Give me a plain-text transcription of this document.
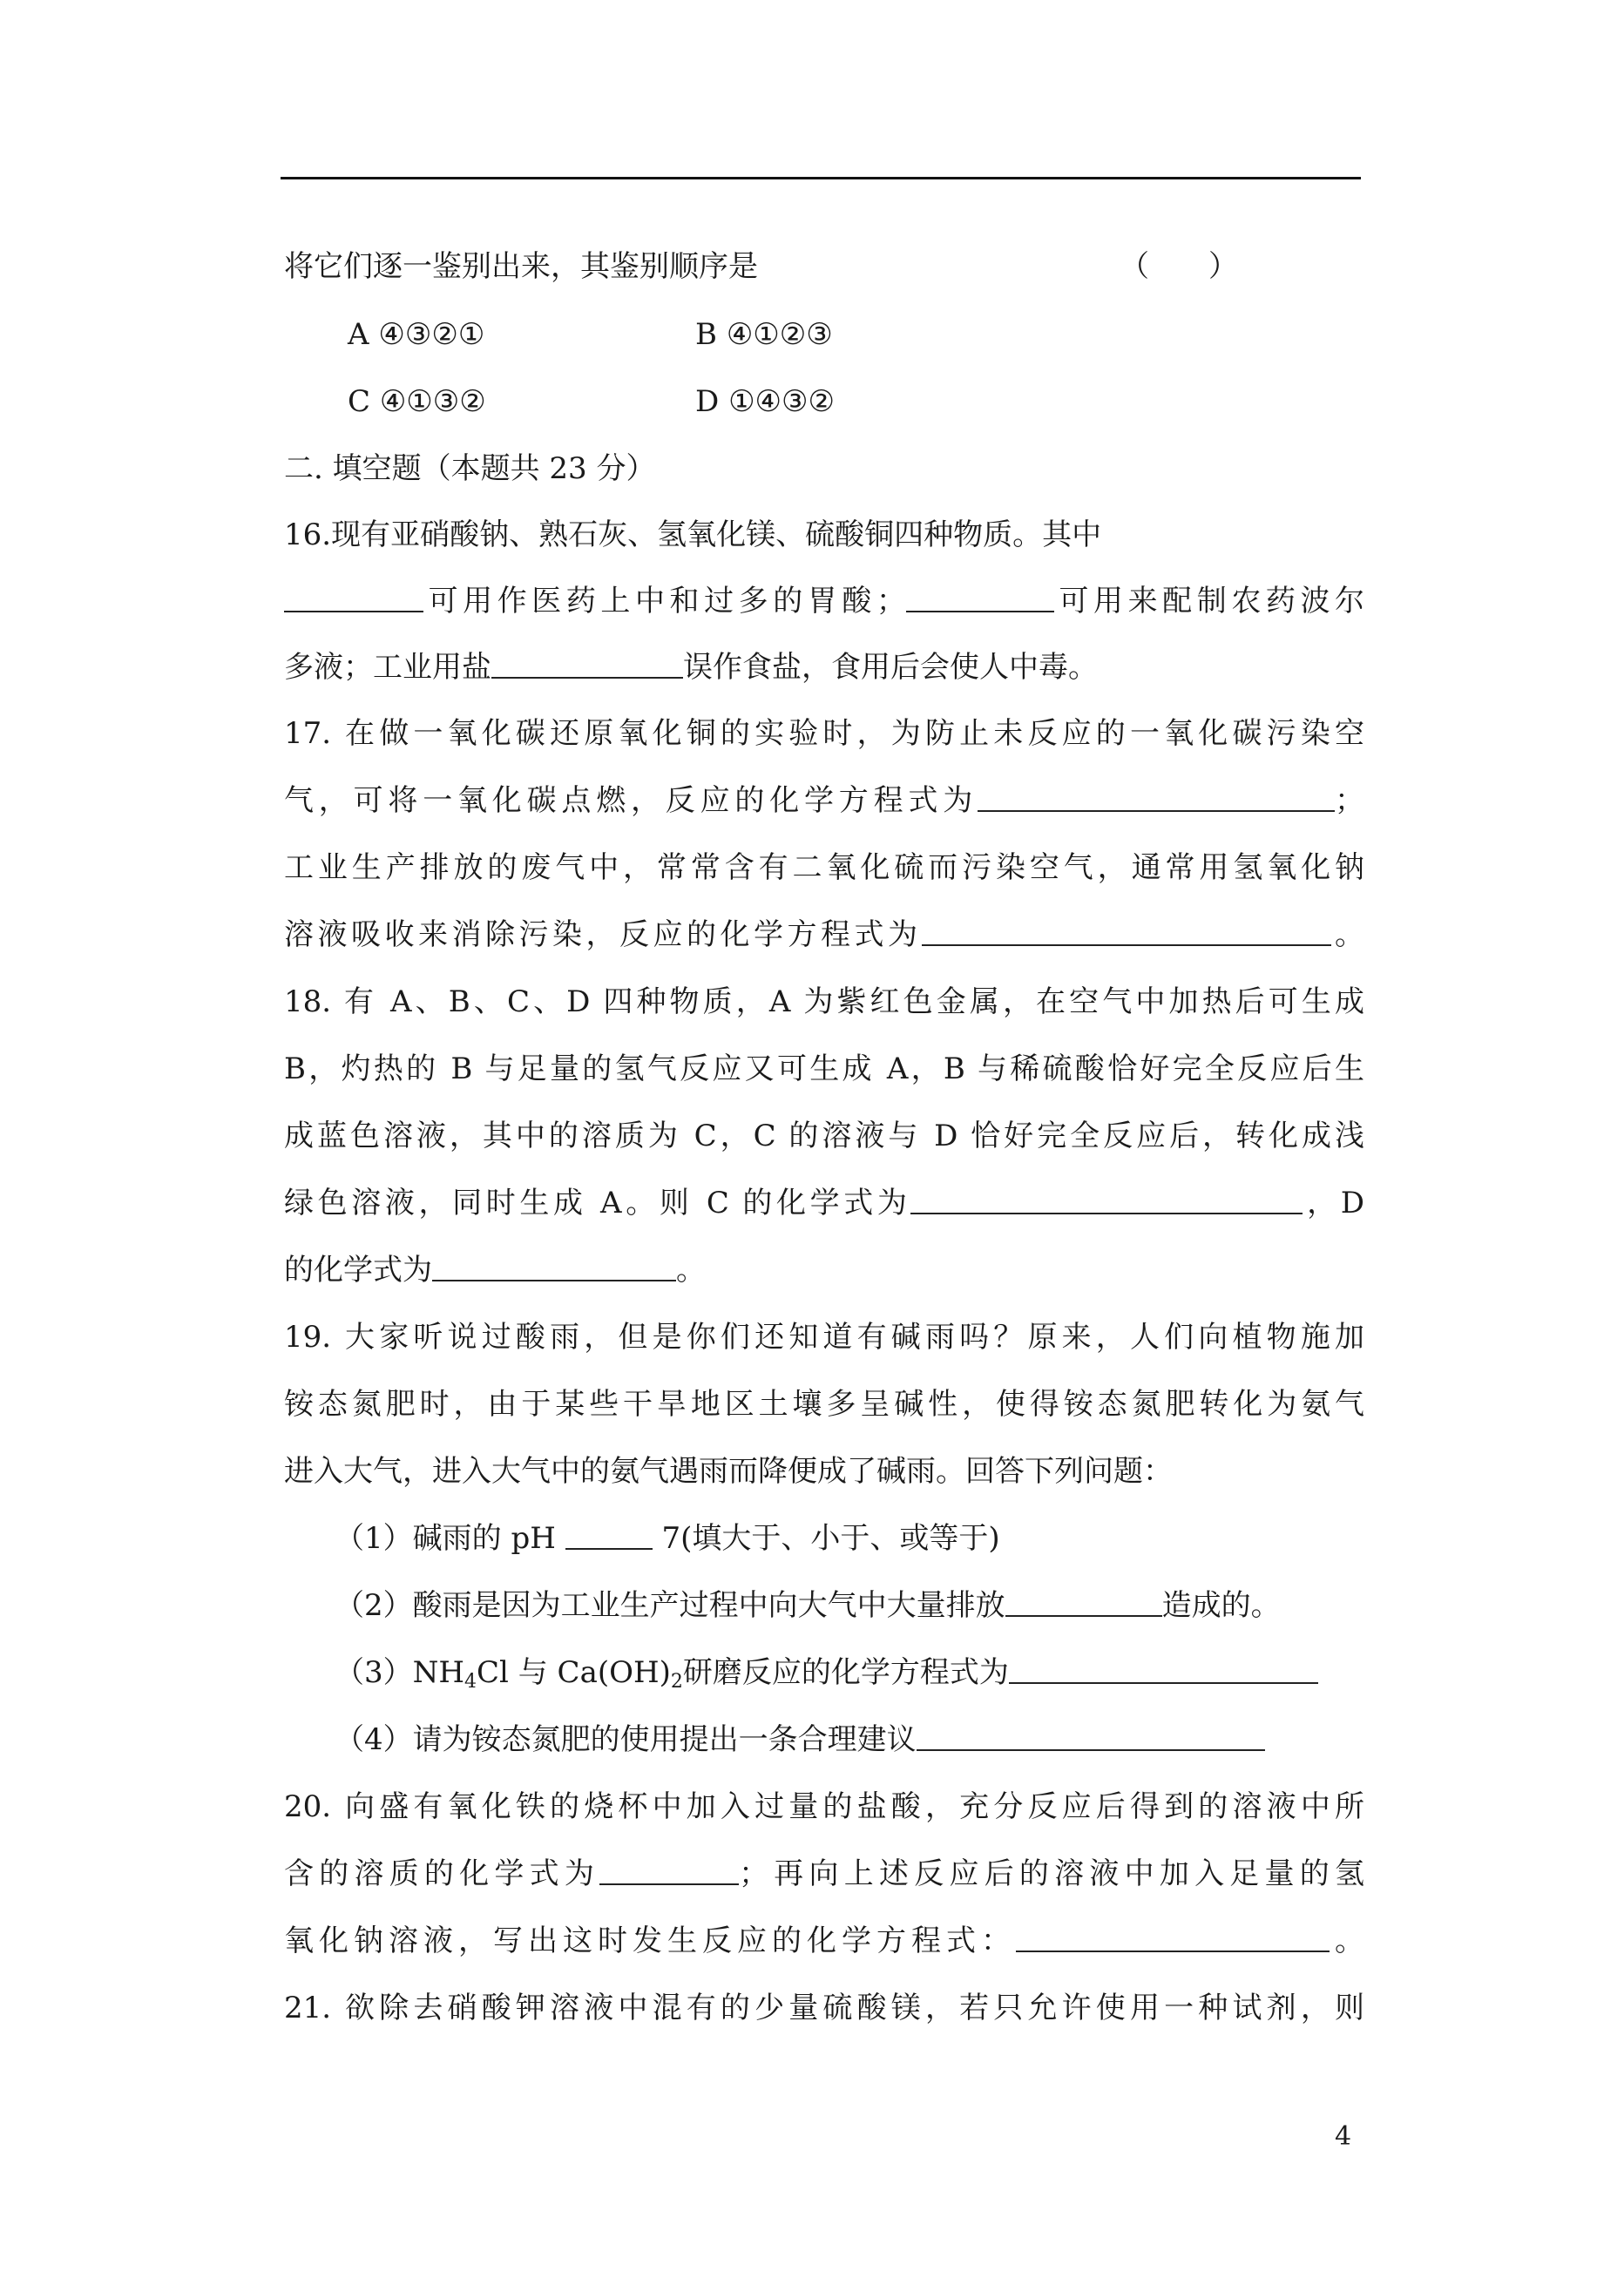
将它们逐一鉴别出来，其鉴别顺序是	（　　）
A ④③②①	B ④①②③
C ④①③②	D ①④③②
二. 填空题（本题共 23 分）
16.现有亚硝酸钠、熟石灰、氢氧化镁、硫酸铜四种物质。其中
可用作医药上中和过多的胃酸；	可用来配制农药波尔
多液；工业用盐	误作食盐，食用后会使人中毒。
17. 在做一氧化碳还原氧化铜的实验时，为防止未反应的一氧化碳污染空
气，可将一氧化碳点燃，反应的化学方程式为	；
工业生产排放的废气中，常常含有二氧化硫而污染空气，通常用氢氧化钠
溶液吸收来消除污染，反应的化学方程式为	。
18. 有 A、B、C、D 四种物质，A 为紫红色金属，在空气中加热后可生成
B，灼热的 B 与足量的氢气反应又可生成 A，B 与稀硫酸恰好完全反应后生
成蓝色溶液，其中的溶质为 C，C 的溶液与 D 恰好完全反应后，转化成浅
绿色溶液，同时生成 A。则 C 的化学式为	，D
的化学式为	。
19. 大家听说过酸雨，但是你们还知道有碱雨吗？原来，人们向植物施加
铵态氮肥时，由于某些干旱地区土壤多呈碱性，使得铵态氮肥转化为氨气
进入大气，进入大气中的氨气遇雨而降便成了碱雨。回答下列问题：
（1）碱雨的 pH	7(填大于、小于、或等于)
（2）酸雨是因为工业生产过程中向大气中大量排放	造成的。
$(3)NH_4Cl$ 与 $Ca(OH)_2$研磨反应的化学方程式为
（4）请为铵态氮肥的使用提出一条合理建议
20. 向盛有氧化铁的烧杯中加入过量的盐酸，充分反应后得到的溶液中所
含的溶质的化学式为	；再向上述反应后的溶液中加入足量的氢
氧化钠溶液，写出这时发生反应的化学方程式：	。
21. 欲除去硝酸钾溶液中混有的少量硫酸镁，若只允许使用一种试剂，则
4
